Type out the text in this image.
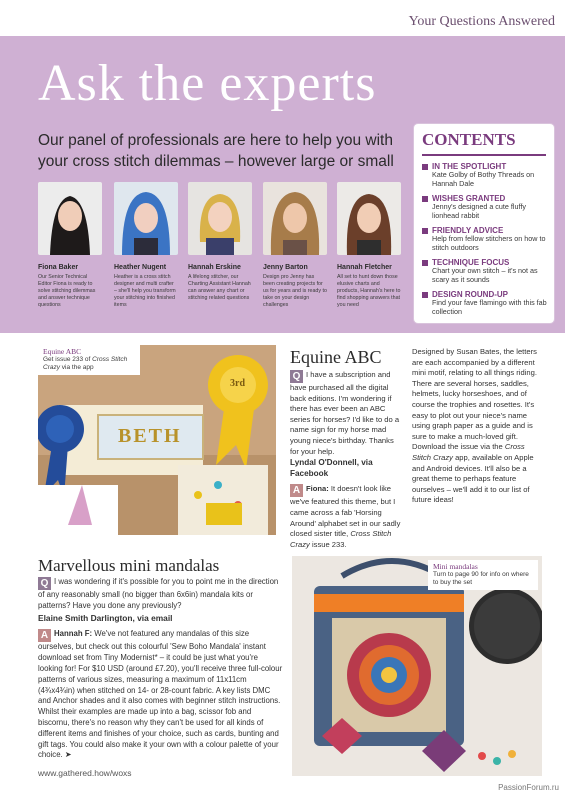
Your Questions Answered
Ask the experts
Our panel of professionals are here to help you with your cross stitch dilemmas – however large or small
Fiona Baker
Our Senior Technical Editor Fiona is ready to solve stitching dilemmas and answer technique questions
Heather Nugent
Heather is a cross stitch designer and multi crafter – she'll help you transform your stitching into finished items
Hannah Erskine
A lifelong stitcher, our Charting Assistant Hannah can answer any chart or stitching related questions
Jenny Barton
Design pro Jenny has been creating projects for us for years and is ready to take on your design challenges
Hannah Fletcher
All set to hunt down those elusive charts and products, Hannah's here to find shopping answers that you need
CONTENTS
IN THE SPOTLIGHT
Kate Golby of Bothy Threads on Hannah Dale
WISHES GRANTED
Jenny's designed a cute fluffy lionhead rabbit
FRIENDLY ADVICE
Help from fellow stitchers on how to stitch outdoors
TECHNIQUE FOCUS
Chart your own stitch – it's not as scary as it sounds
DESIGN ROUND-UP
Find your fave flamingo with this fab collection
Equine ABC
Get issue 233 of Cross Stitch Crazy via the app
BETH
3rd
Equine ABC
Q I have a subscription and have purchased all the digital back editions. I'm wondering if there has ever been an ABC series for horses? I'd like to do a name sign for my horse mad young niece's birthday. Thanks for your help.
Lyndal O'Donnell, via Facebook
A Fiona: It doesn't look like we've featured this theme, but I came across a fab 'Horsing Around' alphabet set in our sadly closed sister title, Cross Stitch Crazy issue 233.
Designed by Susan Bates, the letters are each accompanied by a different mini motif, relating to all things riding. There are several horses, saddles, helmets, lucky horseshoes, and of course the trophies and rosettes. It's easy to plot out your niece's name using graph paper as a guide and is sure to make a much-loved gift. Download the issue via the Cross Stitch Crazy app, available on Apple and Android devices. It'll also be a great theme to perhaps feature ourselves – we'll add it to our list of future ideas!
Marvellous mini mandalas
Q I was wondering if it's possible for you to point me in the direction of any reasonably small (no bigger than 6x6in) mandala kits or patterns? Have you done any previously?
Elaine Smith Darlington, via email
A Hannah F: We've not featured any mandalas of this size ourselves, but check out this colourful 'Sew Boho Mandala' instant download set from Tiny Modernist* – it could be just what you're looking for! For $10 USD (around £7.20), you'll receive three full-colour patterns of various sizes, measuring a maximum of 11x11cm (4¾x4¾in) when stitched on 14- or 28-count fabric. A key lists DMC and Anchor shades and it also comes with beginner stitch instructions. Whilst their examples are made up into a bag, scissor fob and biscornu, there's no reason why they can't be used for all kinds of different items and finishes of your choice, such as cards, bunting and gift tags. You could also make it your own with a colour palette of your choice. ➤
Mini mandalas
Turn to page 90 for info on where to buy the set
www.gathered.how/woxs
PassionForum.ru
